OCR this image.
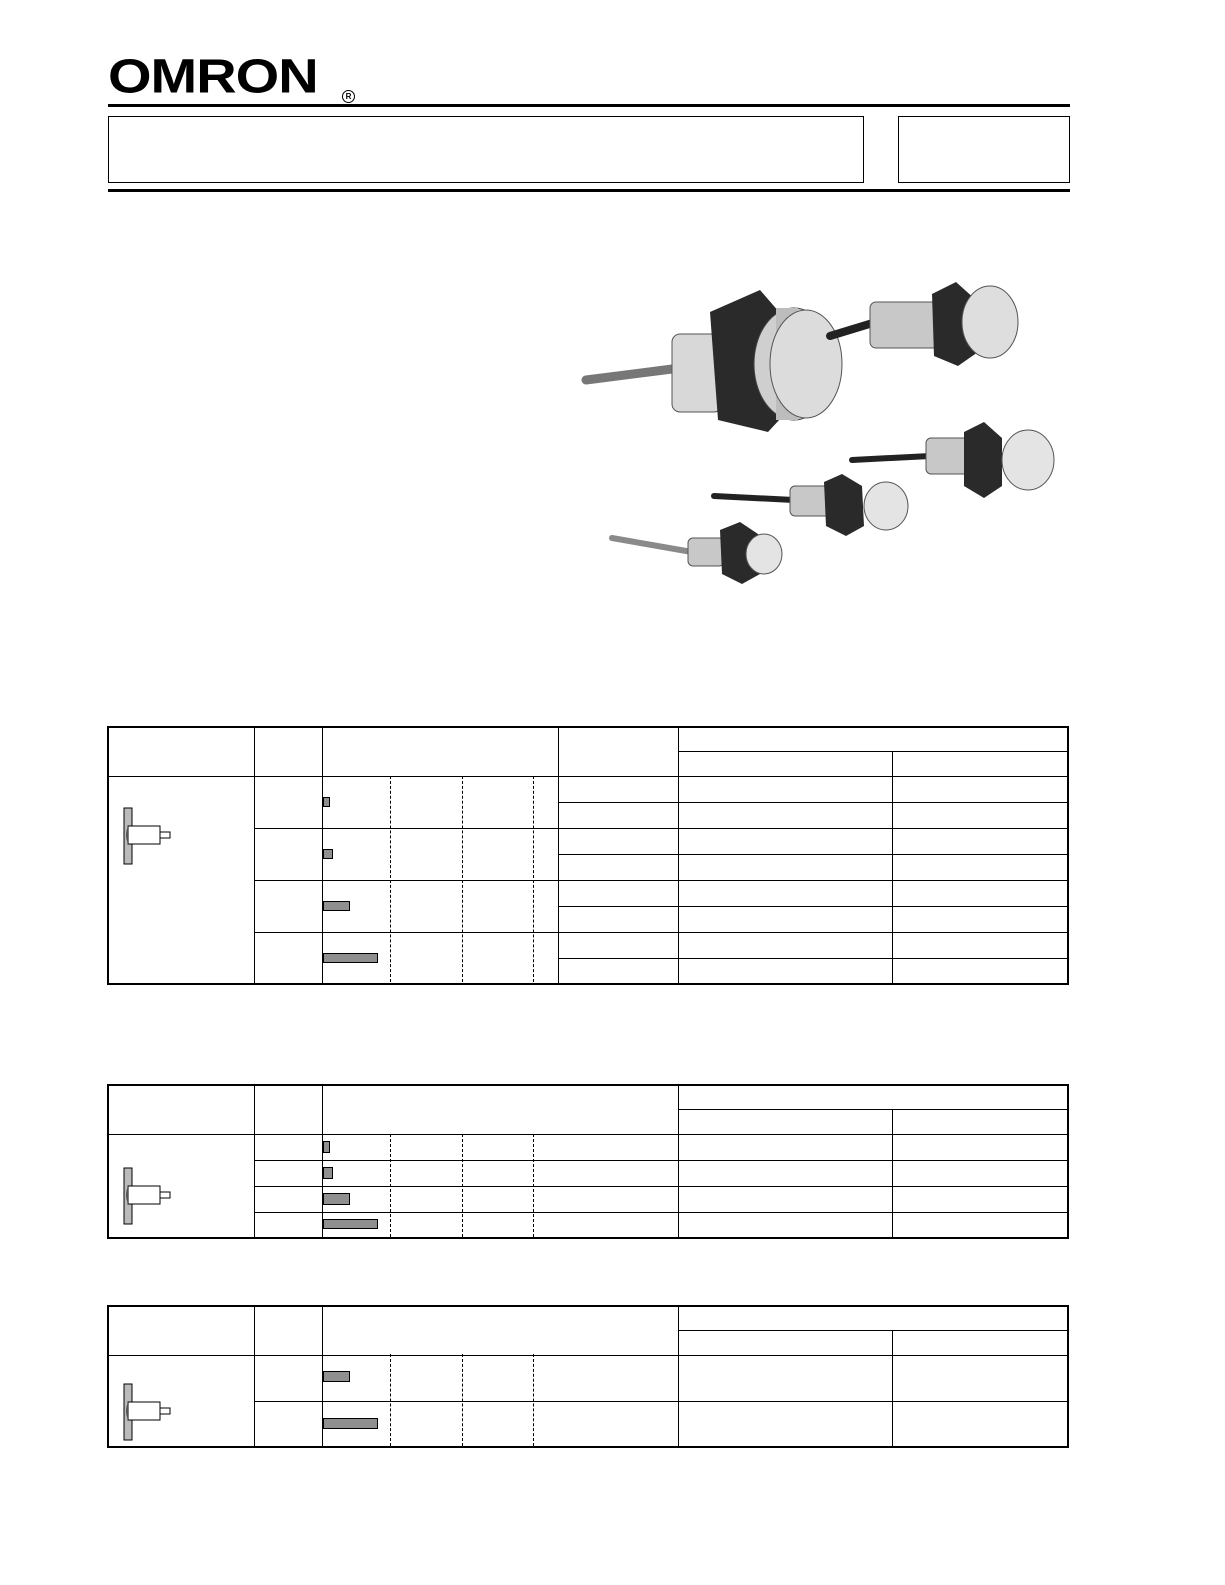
OMRON	R
